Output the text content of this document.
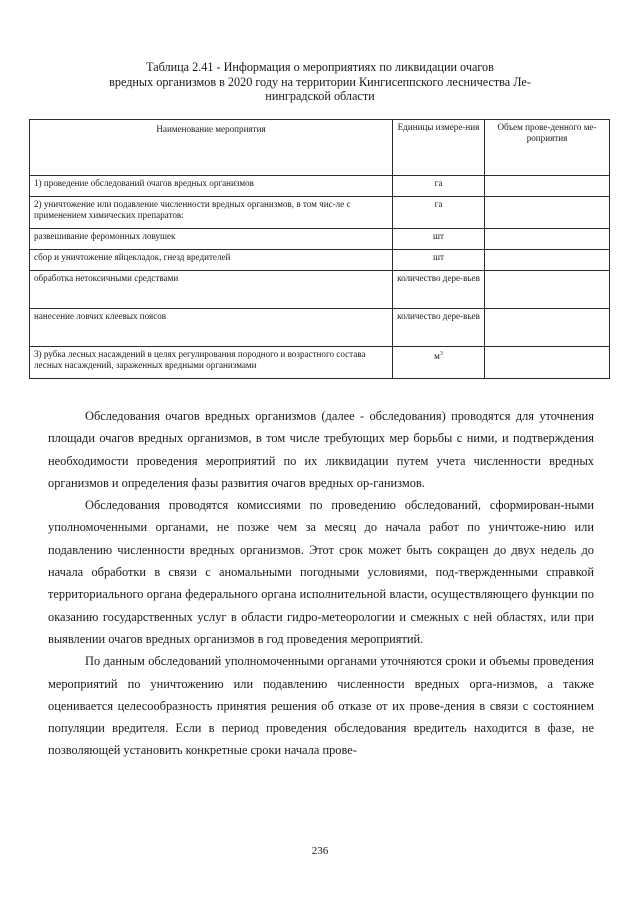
Таблица 2.41 - Информация о мероприятиях по ликвидации очагов
вредных организмов в 2020 году на территории Кингисеппского лесничества Ле-
нинградской области
Наименование мероприятия	Единицы измере-ния	Объем прове-денного ме-роприятия
1) проведение обследований очагов вредных организмов	га	
2) уничтожение или подавление численности вредных организмов, в том чис-ле с применением химических препаратов:	га	
развешивание феромонных ловушек	шт	
сбор и уничтожение яйцекладок, гнезд вредителей	шт	
обработка нетоксичными средствами	количество дере-вьев	
нанесение ловчих клеевых поясов	количество дере-вьев	
3) рубка лесных насаждений в целях регулирования породного и возрастного состава лесных насаждений, зараженных вредными организмами	$м^3$	

Обследования очагов вредных организмов (далее - обследования) проводятся для уточнения площади очагов вредных организмов, в том числе требующих мер борьбы с ними, и подтверждения необходимости проведения мероприятий по их ликвидации путем учета численности вредных организмов и определения фазы развития очагов вредных ор-ганизмов.

Обследования проводятся комиссиями по проведению обследований, сформирован-ными уполномоченными органами, не позже чем за месяц до начала работ по уничтоже-нию или подавлению численности вредных организмов. Этот срок может быть сокращен до двух недель до начала обработки в связи с аномальными погодными условиями, под-твержденными справкой территориального органа федерального органа исполнительной власти, осуществляющего функции по оказанию государственных услуг в области гидро-метеорологии и смежных с ней областях, или при выявлении очагов вредных организмов в год проведения мероприятий.

По данным обследований уполномоченными органами уточняются сроки и объемы проведения мероприятий по уничтожению или подавлению численности вредных орга-низмов, а также оценивается целесообразность принятия решения об отказе от их прове-дения в связи с состоянием популяции вредителя. Если в период проведения обследования вредитель находится в фазе, не позволяющей установить конкретные сроки начала прове-

236
